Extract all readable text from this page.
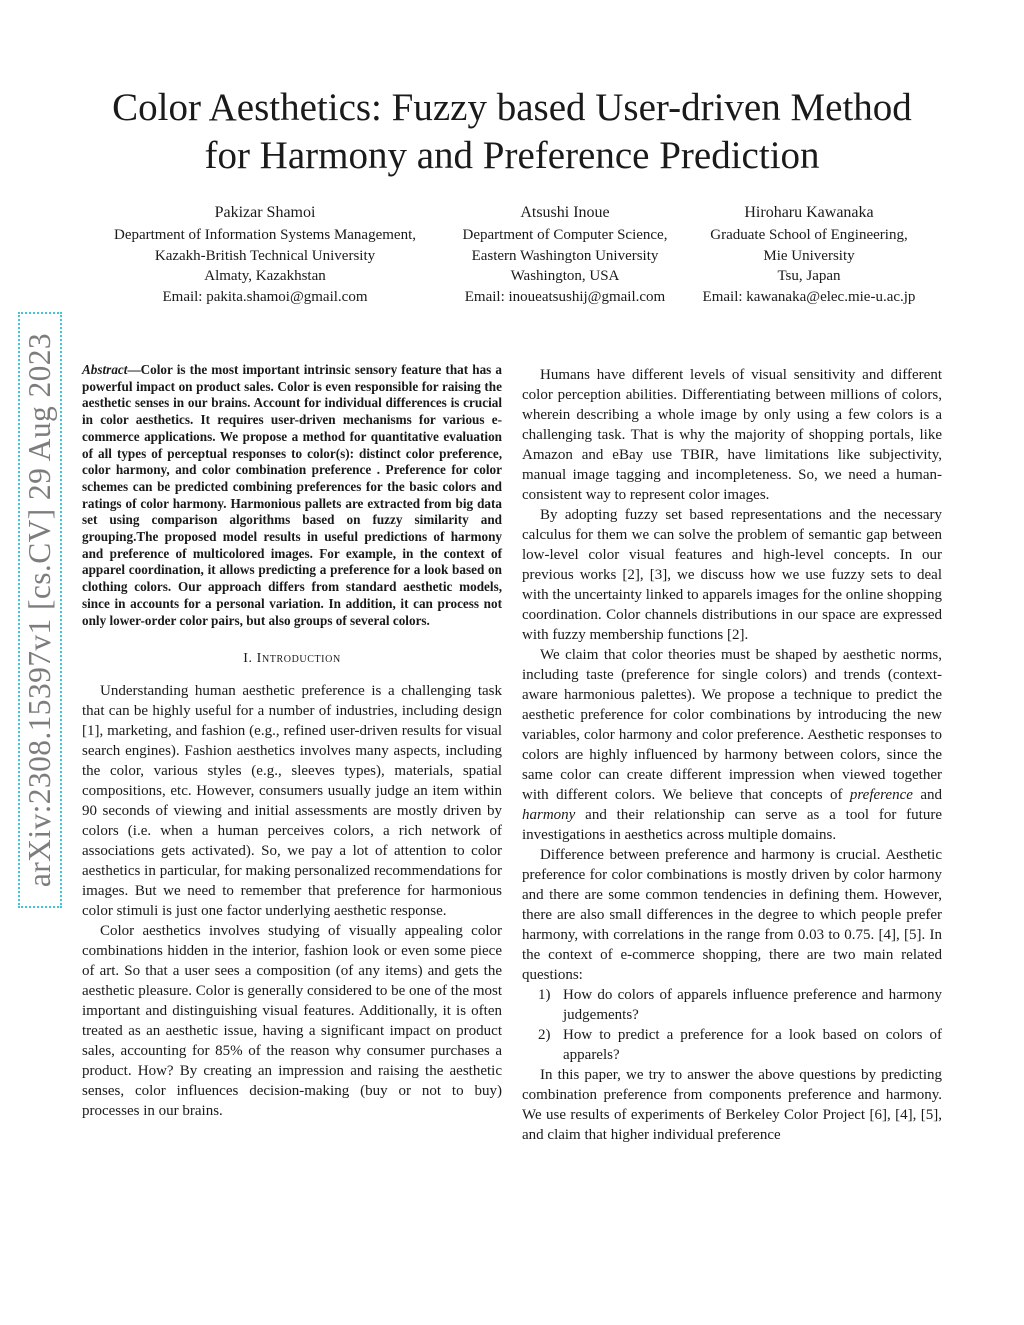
Color Aesthetics: Fuzzy based User-driven Method
for Harmony and Preference Prediction
Pakizar Shamoi
Department of Information Systems Management,
Kazakh-British Technical University
Almaty, Kazakhstan
Email: pakita.shamoi@gmail.com
Atsushi Inoue
Department of Computer Science,
Eastern Washington University
Washington, USA
Email: inoueatsushij@gmail.com
Hiroharu Kawanaka
Graduate School of Engineering,
Mie University
Tsu, Japan
Email: kawanaka@elec.mie-u.ac.jp
arXiv:2308.15397v1 [cs.CV] 29 Aug 2023 Abstract—Color is the most important intrinsic sensory feature that has a powerful impact on product sales. Color is even responsible for raising the aesthetic senses in our brains. Account for individual differences is crucial in color aesthetics. It requires user-driven mechanisms for various e-commerce applications. We propose a method for quantitative evaluation of all types of perceptual responses to color(s): distinct color preference, color harmony, and color combination preference . Preference for color schemes can be predicted combining preferences for the basic colors and ratings of color harmony. Harmonious pallets are extracted from big data set using comparison algorithms based on fuzzy similarity and grouping.The proposed model results in useful predictions of harmony and preference of multicolored images. For example, in the context of apparel coordination, it allows predicting a preference for a look based on clothing colors. Our approach differs from standard aesthetic models, since in accounts for a personal variation. In addition, it can process not only lower-order color pairs, but also groups of several colors.

I. Introduction

Understanding human aesthetic preference is a challenging task that can be highly useful for a number of industries, including design [1], marketing, and fashion (e.g., refined user-driven results for visual search engines). Fashion aesthetics involves many aspects, including the color, various styles (e.g., sleeves types), materials, spatial compositions, etc. However, consumers usually judge an item within 90 seconds of viewing and initial assessments are mostly driven by colors (i.e. when a human perceives colors, a rich network of associations gets activated). So, we pay a lot of attention to color aesthetics in particular, for making personalized recommendations for images. But we need to remember that preference for harmonious color stimuli is just one factor underlying aesthetic response.

Color aesthetics involves studying of visually appealing color combinations hidden in the interior, fashion look or even some piece of art. So that a user sees a composition (of any items) and gets the aesthetic pleasure. Color is generally considered to be one of the most important and distinguishing visual features. Additionally, it is often treated as an aesthetic issue, having a significant impact on product sales, accounting for 85% of the reason why consumer purchases a product. How? By creating an impression and raising the aesthetic senses, color influences decision-making (buy or not to buy) processes in our brains.

Humans have different levels of visual sensitivity and different color perception abilities. Differentiating between millions of colors, wherein describing a whole image by only using a few colors is a challenging task. That is why the majority of shopping portals, like Amazon and eBay use TBIR, have limitations like subjectivity, manual image tagging and incompleteness. So, we need a human-consistent way to represent color images.

By adopting fuzzy set based representations and the necessary calculus for them we can solve the problem of semantic gap between low-level color visual features and high-level concepts. In our previous works [2], [3], we discuss how we use fuzzy sets to deal with the uncertainty linked to apparels images for the online shopping coordination. Color channels distributions in our space are expressed with fuzzy membership functions [2].

We claim that color theories must be shaped by aesthetic norms, including taste (preference for single colors) and trends (context-aware harmonious palettes). We propose a technique to predict the aesthetic preference for color combinations by introducing the new variables, color harmony and color preference. Aesthetic responses to colors are highly influenced by harmony between colors, since the same color can create different impression when viewed together with different colors. We believe that concepts of preference and harmony and their relationship can serve as a tool for future investigations in aesthetics across multiple domains.

Difference between preference and harmony is crucial. Aesthetic preference for color combinations is mostly driven by color harmony and there are some common tendencies in defining them. However, there are also small differences in the degree to which people prefer harmony, with correlations in the range from 0.03 to 0.75. [4], [5]. In the context of e-commerce shopping, there are two main related questions:

1) How do colors of apparels influence preference and harmony judgements?
2) How to predict a preference for a look based on colors of apparels?

In this paper, we try to answer the above questions by predicting combination preference from components preference and harmony. We use results of experiments of Berkeley Color Project [6], [4], [5], and claim that higher individual preference
